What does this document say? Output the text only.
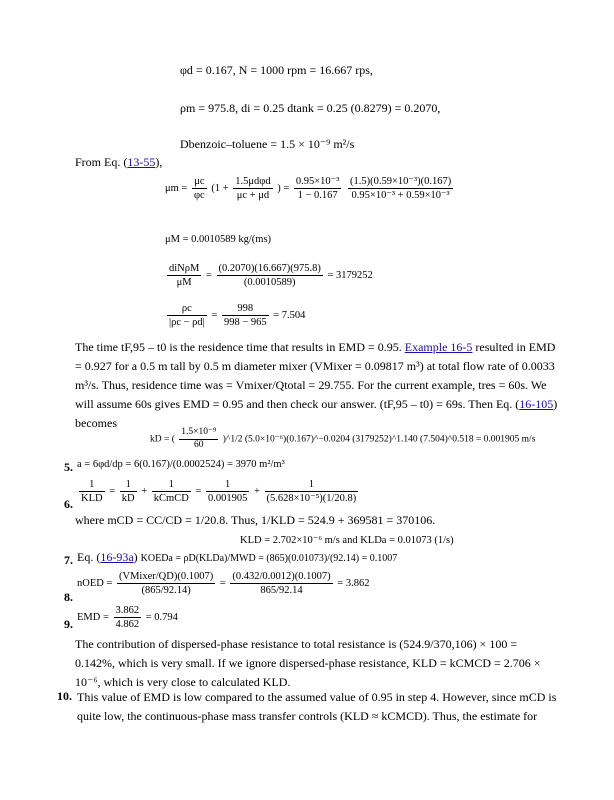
φd = 0.167, N = 1000 rpm = 16.667 rps,
ρm = 975.8, di = 0.25 dtank = 0.25 (0.8279) = 0.2070,
Dbenzoic–toluene = 1.5 × 10⁻⁹ m²/s
From Eq. (13-55),
$\mu m = \frac{\mu c}{\varphi c} (1 + \frac{\text{1.5μdφd}}{\mu c + \mu d}$ ) = $\frac{\text{0.95×10⁻³}}{1 - 0.167}$
$\frac{\text{(1.5)(0.59×10⁻³)(0.167)}}{\text{0.95×10⁻³ + 0.59×10⁻³}}$
μM = 0.0010589 kg/(ms)
$\frac{\text{diNρM}}{\mu M} = \frac{(0.2070)(16.667)(975.8)}{(0.0010589)} = 3179252$
$\frac{\rho c}{|\rho c - \rho d|} = \frac{998}{998 - 965} = 7.504$
The time tF,95 – t0 is the residence time that results in EMD = 0.95. Example 16-5 resulted in EMD = 0.927 for a 0.5 m tall by 0.5 m diameter mixer (VMixer = 0.09817 m³) at total flow rate of 0.0033 m³/s. Thus, residence time was = Vmixer/Qtotal = 29.755. For the current example, tres = 60s. We will assume 60s gives EMD = 0.95 and then check our answer. (tF,95 – t0) = 69s. Then Eq. (16-105) becomes
kD = ( $\frac{\text{1.5×10⁻⁹}}{60}$ )^1/2 (5.0×10⁻⁶)(0.167)^−0.0204 (3179252)^1.140 (7.504)^0.518 = 0.001905 m/s
5. a = 6φd/dp = 6(0.167)/(0.0002524) = 3970 m²/m³
6. $\frac{1}{\text{KLD}} = \frac{1}{kD} + \frac{1}{\text{kCmCD}} = \frac{1}{0.001905} + \frac{1}{\text{(5.628×10⁻⁵)(1/20.8)}}$
where mCD = CC/CD = 1/20.8. Thus, 1/KLD = 524.9 + 369581 = 370106.
KLD = 2.702×10⁻⁶ m/s and KLDa = 0.01073 (1/s)
7. Eq. (16-93a) KOEDa = ρD(KLDa)/MWD = (865)(0.01073)/(92.14) = 0.1007
8.
nOED = $\frac{\text{(VMixer/QD)(0.1007)}}{(865/92.14)} = \frac{(0.432/0.0012)(0.1007)}{865/92.14} = 3.862$
9. EMD = $\frac{3.862}{4.862} = 0.794$
The contribution of dispersed-phase resistance to total resistance is (524.9/370,106) × 100 = 0.142%, which is very small. If we ignore dispersed-phase resistance, KLD = kCMCD = 2.706 × 10⁻⁶, which is very close to calculated KLD.
10. This value of EMD is low compared to the assumed value of 0.95 in step 4. However, since mCD is quite low, the continuous-phase mass transfer controls (KLD ≈ kCMCD). Thus, the estimate for
